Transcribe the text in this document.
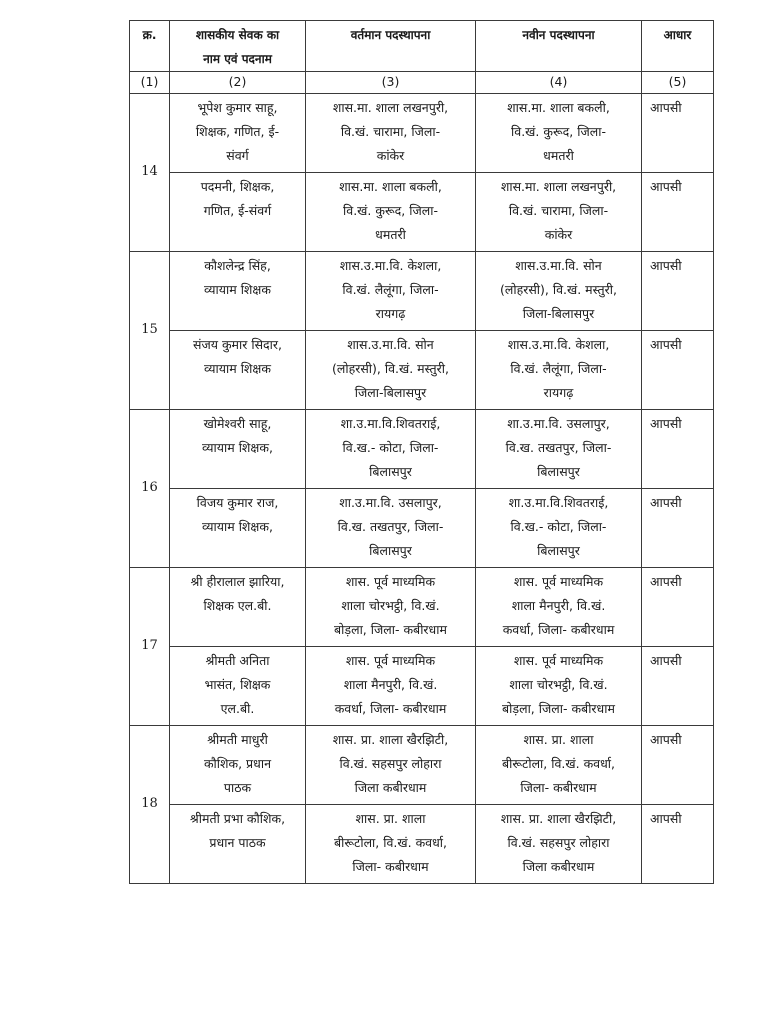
क्र.	शासकीय सेवक का
नाम एवं पदनाम	वर्तमान पदस्थापना	नवीन पदस्थापना	आधार
(1)	(2)	(3)	(4)	(5)
14	भूपेश कुमार साहू,
शिक्षक, गणित, ई-
संवर्ग	शास.मा. शाला लखनपुरी,
वि.खं. चारामा, जिला-
कांकेर	शास.मा. शाला बकली,
वि.खं. कुरूद, जिला-
धमतरी	आपसी
	पदमनी, शिक्षक,
गणित, ई-संवर्ग	शास.मा. शाला बकली,
वि.खं. कुरूद, जिला-
धमतरी	शास.मा. शाला लखनपुरी,
वि.खं. चारामा, जिला-
कांकेर	आपसी
15	कौशलेन्द्र सिंह,
व्यायाम शिक्षक	शास.उ.मा.वि. केशला,
वि.खं. लैलूंगा, जिला-
रायगढ़	शास.उ.मा.वि. सोन
(लोहरसी), वि.खं. मस्तुरी,
जिला-बिलासपुर	आपसी
	संजय कुमार सिदार,
व्यायाम शिक्षक	शास.उ.मा.वि. सोन
(लोहरसी), वि.खं. मस्तुरी,
जिला-बिलासपुर	शास.उ.मा.वि. केशला,
वि.खं. लैलूंगा, जिला-
रायगढ़	आपसी
16	खोमेश्वरी साहू,
व्यायाम शिक्षक,	शा.उ.मा.वि.शिवतराई,
वि.ख.- कोटा, जिला-
बिलासपुर	शा.उ.मा.वि. उसलापुर,
वि.ख. तखतपुर, जिला-
बिलासपुर	आपसी
	विजय कुमार राज,
व्यायाम शिक्षक,	शा.उ.मा.वि. उसलापुर,
वि.ख. तखतपुर, जिला-
बिलासपुर	शा.उ.मा.वि.शिवतराई,
वि.ख.- कोटा, जिला-
बिलासपुर	आपसी
17	श्री हीरालाल झारिया,
शिक्षक एल.बी.	शास. पूर्व माध्यमिक
शाला चोरभट्ठी, वि.खं.
बोड़ला, जिला- कबीरधाम	शास. पूर्व माध्यमिक
शाला मैनपुरी, वि.खं.
कवर्धा, जिला- कबीरधाम	आपसी
	श्रीमती अनिता
भासंत, शिक्षक
एल.बी.	शास. पूर्व माध्यमिक
शाला मैनपुरी, वि.खं.
कवर्धा, जिला- कबीरधाम	शास. पूर्व माध्यमिक
शाला चोरभट्ठी, वि.खं.
बोड़ला, जिला- कबीरधाम	आपसी
18	श्रीमती माधुरी
कौशिक, प्रधान
पाठक	शास. प्रा. शाला खैरझिटी,
वि.खं. सहसपुर लोहारा
जिला कबीरधाम	शास. प्रा. शाला
बीरूटोला, वि.खं. कवर्धा,
जिला- कबीरधाम	आपसी
	श्रीमती प्रभा कौशिक,
प्रधान पाठक	शास. प्रा. शाला
बीरूटोला, वि.खं. कवर्धा,
जिला- कबीरधाम	शास. प्रा. शाला खैरझिटी,
वि.खं. सहसपुर लोहारा
जिला कबीरधाम	आपसी
